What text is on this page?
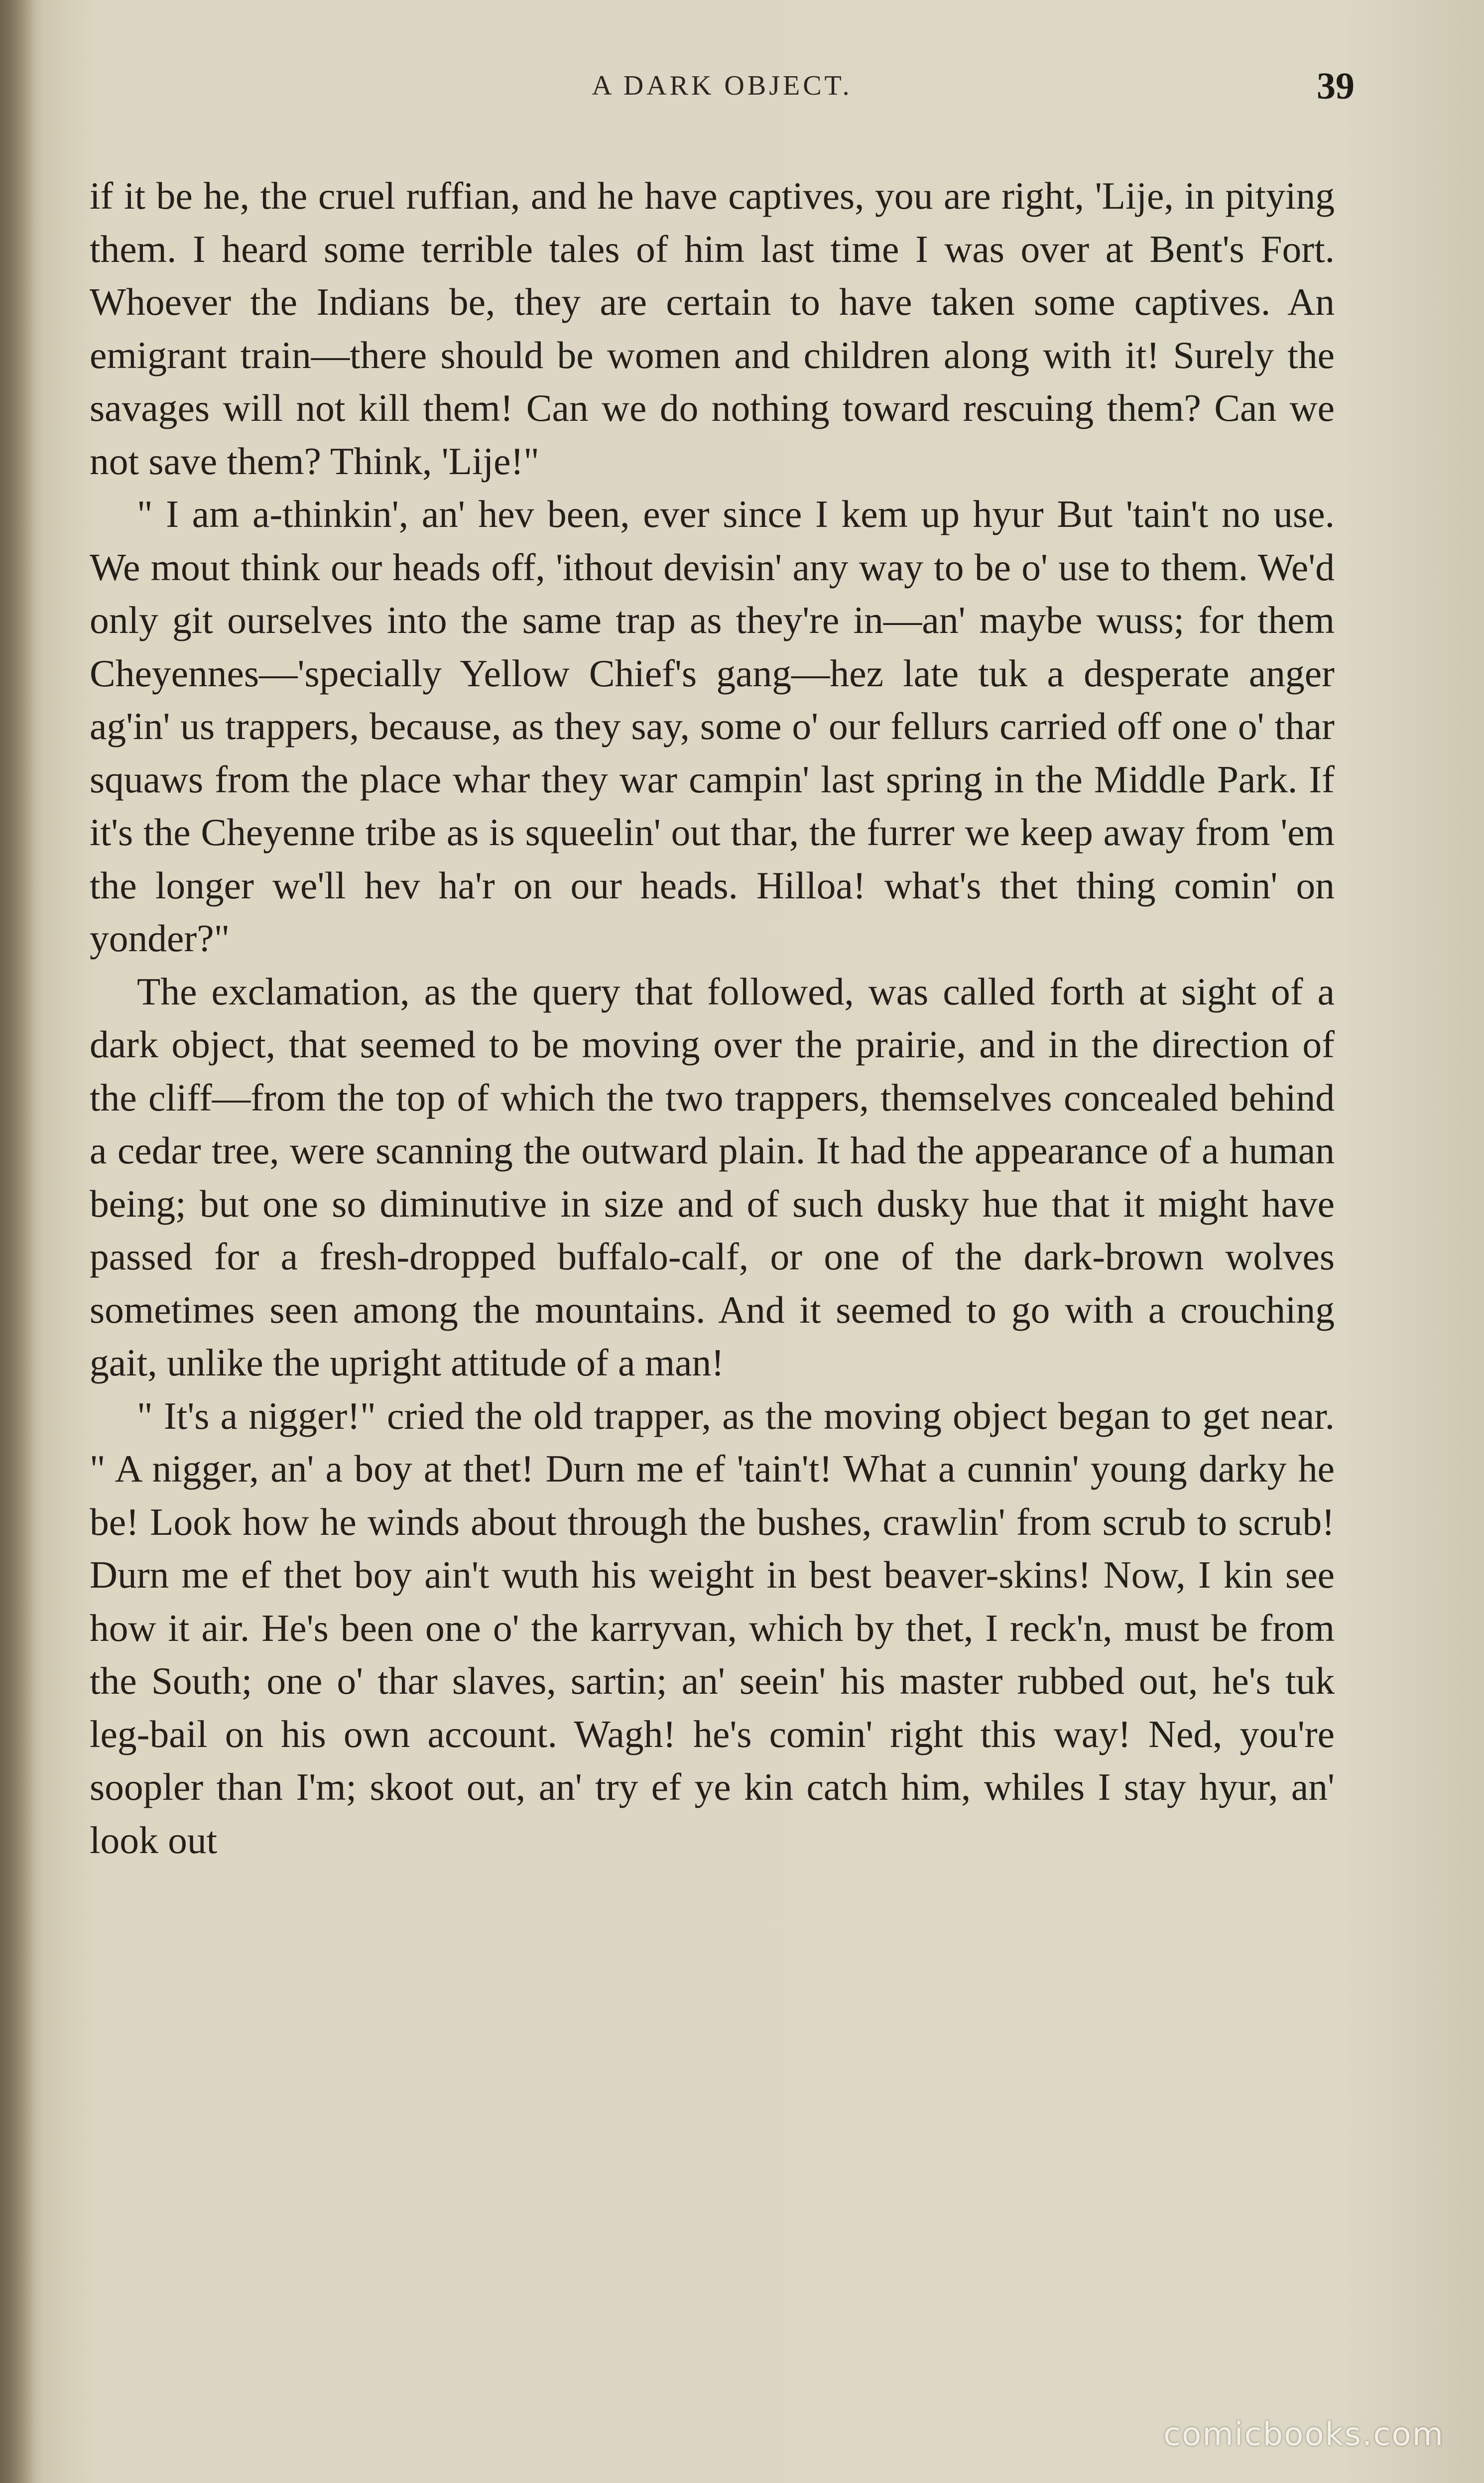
A DARK OBJECT.	39

if it be he, the cruel ruffian, and he have captives, you are right, 'Lije, in pitying them. I heard some terrible tales of him last time I was over at Bent's Fort. Whoever the Indians be, they are certain to have taken some captives. An emigrant train—there should be women and children along with it! Surely the savages will not kill them! Can we do nothing toward rescuing them? Can we not save them? Think, 'Lije!"

" I am a-thinkin', an' hev been, ever since I kem up hyur But 'tain't no use. We mout think our heads off, 'ithout devisin' any way to be o' use to them. We'd only git ourselves into the same trap as they're in—an' maybe wuss; for them Cheyennes—'specially Yellow Chief's gang—hez late tuk a desperate anger ag'in' us trappers, because, as they say, some o' our fellurs carried off one o' thar squaws from the place whar they war campin' last spring in the Middle Park. If it's the Cheyenne tribe as is squeelin' out thar, the furrer we keep away from 'em the longer we'll hev ha'r on our heads. Hilloa! what's thet thing comin' on yonder?"

The exclamation, as the query that followed, was called forth at sight of a dark object, that seemed to be moving over the prairie, and in the direction of the cliff—from the top of which the two trappers, themselves concealed behind a cedar tree, were scanning the outward plain. It had the appearance of a human being; but one so diminutive in size and of such dusky hue that it might have passed for a fresh-dropped buffalo-calf, or one of the dark-brown wolves sometimes seen among the mountains. And it seemed to go with a crouching gait, unlike the upright attitude of a man!

" It's a nigger!" cried the old trapper, as the moving object began to get near. " A nigger, an' a boy at thet! Durn me ef 'tain't! What a cunnin' young darky he be! Look how he winds about through the bushes, crawlin' from scrub to scrub! Durn me ef thet boy ain't wuth his weight in best beaver-skins! Now, I kin see how it air. He's been one o' the karryvan, which by thet, I reck'n, must be from the South; one o' thar slaves, sartin; an' seein' his master rubbed out, he's tuk leg-bail on his own account. Wagh! he's comin' right this way! Ned, you're soopler than I'm; skoot out, an' try ef ye kin catch him, whiles I stay hyur, an' look out

comicbooks.com
